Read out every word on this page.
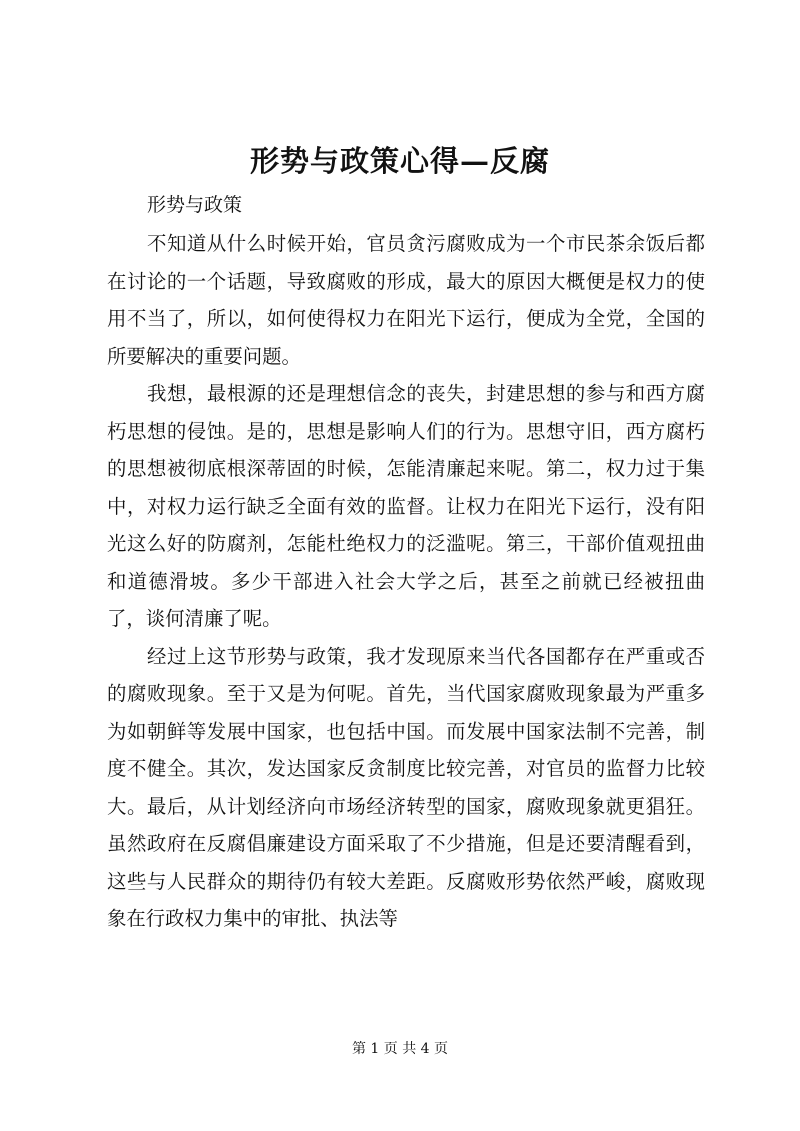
形势与政策心得—反腐
形势与政策

不知道从什么时候开始，官员贪污腐败成为一个市民茶余饭后都在讨论的一个话题，导致腐败的形成，最大的原因大概便是权力的使用不当了，所以，如何使得权力在阳光下运行，便成为全党，全国的所要解决的重要问题。

我想，最根源的还是理想信念的丧失，封建思想的参与和西方腐朽思想的侵蚀。是的，思想是影响人们的行为。思想守旧，西方腐朽的思想被彻底根深蒂固的时候，怎能清廉起来呢。第二，权力过于集中，对权力运行缺乏全面有效的监督。让权力在阳光下运行，没有阳光这么好的防腐剂，怎能杜绝权力的泛滥呢。第三，干部价值观扭曲和道德滑坡。多少干部进入社会大学之后，甚至之前就已经被扭曲了，谈何清廉了呢。

经过上这节形势与政策，我才发现原来当代各国都存在严重或否的腐败现象。至于又是为何呢。首先，当代国家腐败现象最为严重多为如朝鲜等发展中国家，也包括中国。而发展中国家法制不完善，制度不健全。其次，发达国家反贪制度比较完善，对官员的监督力比较大。最后，从计划经济向市场经济转型的国家，腐败现象就更猖狂。虽然政府在反腐倡廉建设方面采取了不少措施，但是还要清醒看到，这些与人民群众的期待仍有较大差距。反腐败形势依然严峻，腐败现象在行政权力集中的审批、执法等

第 1 页 共 4 页
